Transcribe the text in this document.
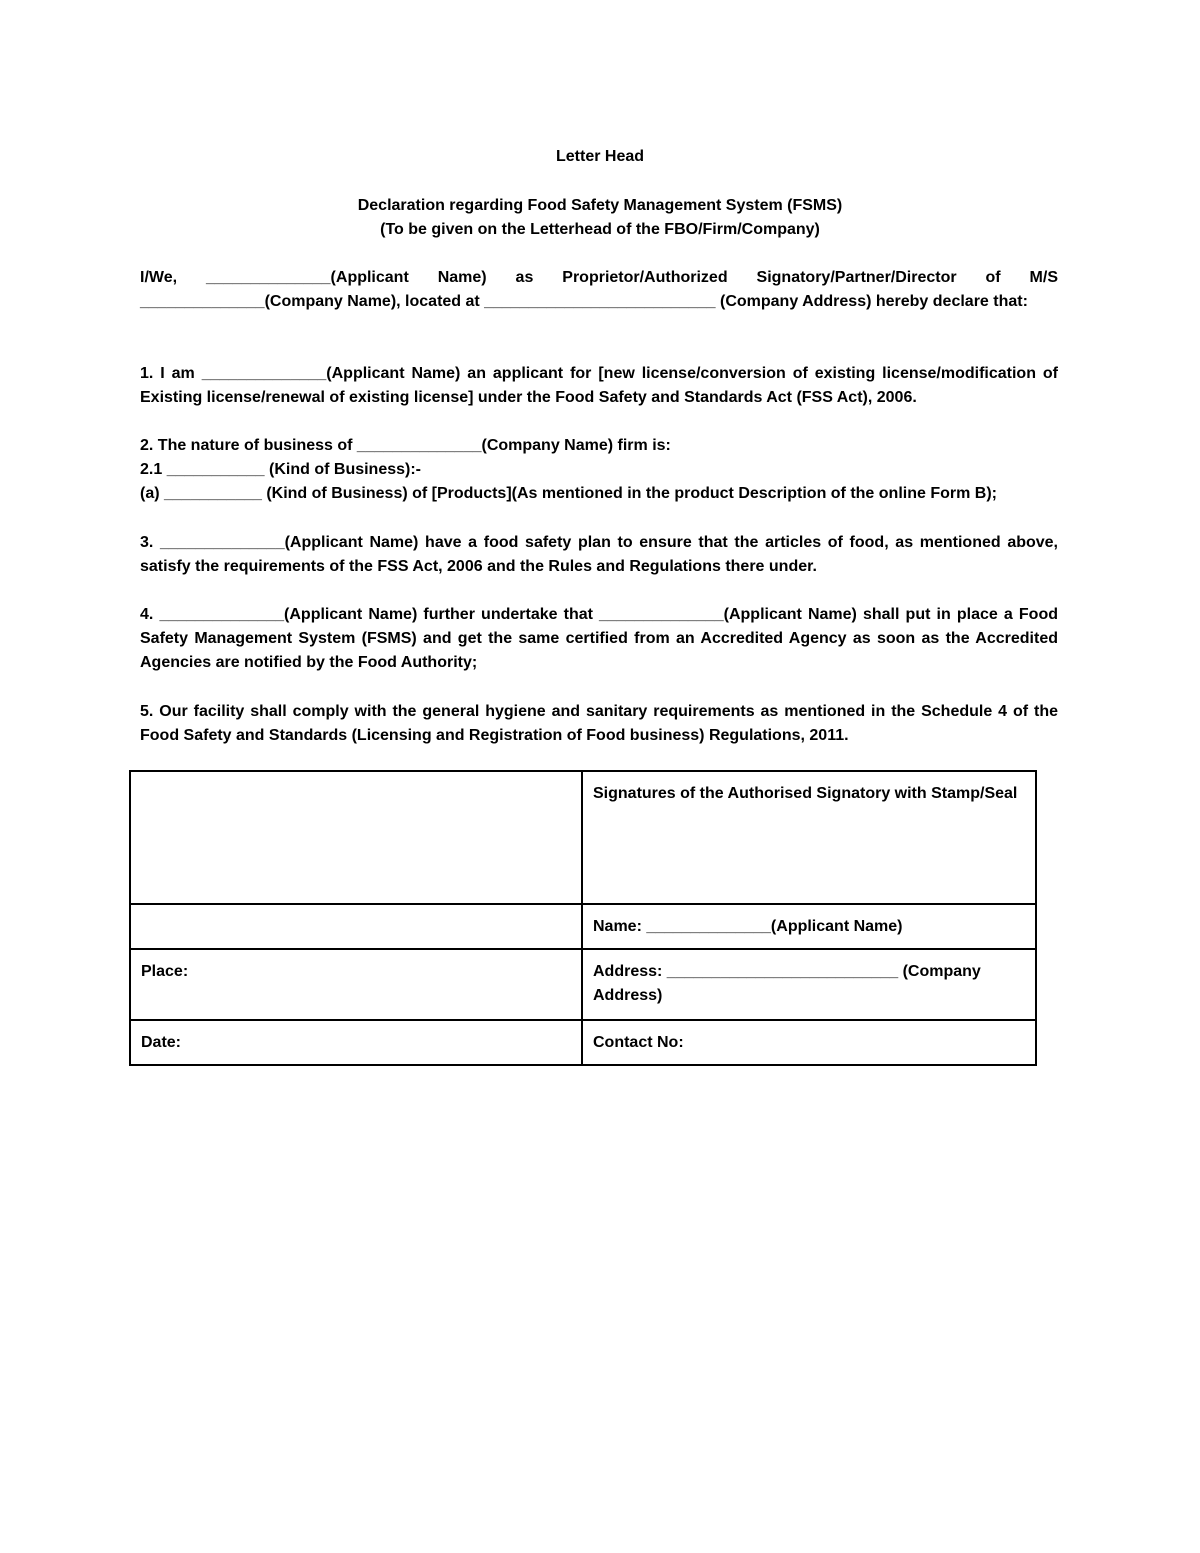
Letter Head
Declaration regarding Food Safety Management System (FSMS)
(To be given on the Letterhead of the FBO/Firm/Company)
I/We, ______________(Applicant Name) as Proprietor/Authorized Signatory/Partner/Director of M/S ______________(Company Name), located at __________________________ (Company Address) hereby declare that:
1. I am ______________(Applicant Name) an applicant for [new license/conversion of existing license/modification of Existing license/renewal of existing license] under the Food Safety and Standards Act (FSS Act), 2006.
2. The nature of business of ______________(Company Name) firm is:
2.1 ___________ (Kind of Business):-
(a) ___________ (Kind of Business) of [Products](As mentioned in the product Description of the online Form B);
3. ______________(Applicant Name) have a food safety plan to ensure that the articles of food, as mentioned above, satisfy the requirements of the FSS Act, 2006 and the Rules and Regulations there under.
4. ______________(Applicant Name) further undertake that ______________(Applicant Name) shall put in place a Food Safety Management System (FSMS) and get the same certified from an Accredited Agency as soon as the Accredited Agencies are notified by the Food Authority;
5. Our facility shall comply with the general hygiene and sanitary requirements as mentioned in the Schedule 4 of the Food Safety and Standards (Licensing and Registration of Food business) Regulations, 2011.
	Signatures of the Authorised Signatory with Stamp/Seal
	Name: ______________(Applicant Name)
Place:	Address: __________________________ (Company Address)
Date:	Contact No:
